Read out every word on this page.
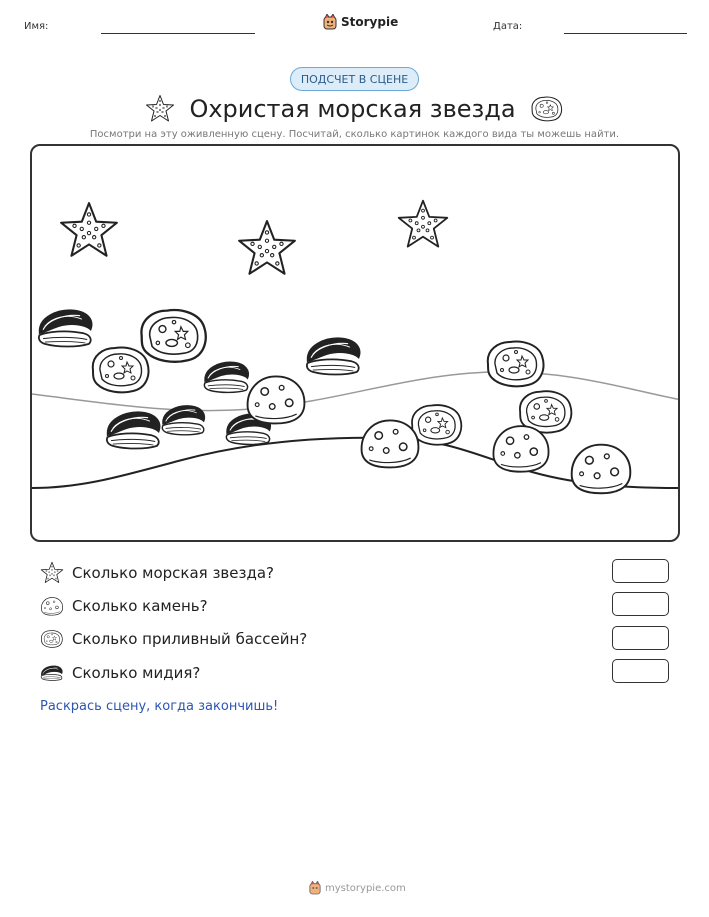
Имя:	Storypie	Дата:
ПОДСЧЕТ В СЦЕНЕ
Охристая морская звезда
Посмотри на эту оживленную сцену. Посчитай, сколько картинок каждого вида ты можешь найти.
Сколько морская звезда?
Сколько камень?
Сколько приливный бассейн?
Сколько мидия?
Раскрась сцену, когда закончишь!
mystorypie.com
